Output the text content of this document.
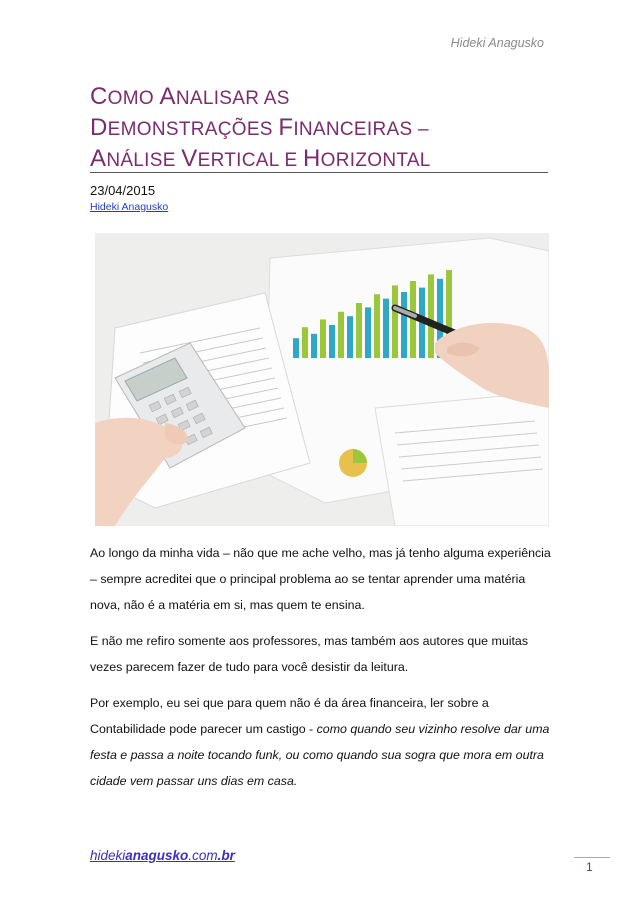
Hideki Anagusko
COMO ANALISAR AS
DEMONSTRAÇÕES FINANCEIRAS –
ANÁLISE VERTICAL E HORIZONTAL
23/04/2015
Hideki Anagusko

Ao longo da minha vida – não que me ache velho, mas já tenho alguma experiência – sempre acreditei que o principal problema ao se tentar aprender uma matéria nova, não é a matéria em si, mas quem te ensina.

E não me refiro somente aos professores, mas também aos autores que muitas vezes parecem fazer de tudo para você desistir da leitura.

Por exemplo, eu sei que para quem não é da área financeira, ler sobre a Contabilidade pode parecer um castigo - como quando seu vizinho resolve dar uma festa e passa a noite tocando funk, ou como quando sua sogra que mora em outra cidade vem passar uns dias em casa.

hidekianagusko.com.br
1
